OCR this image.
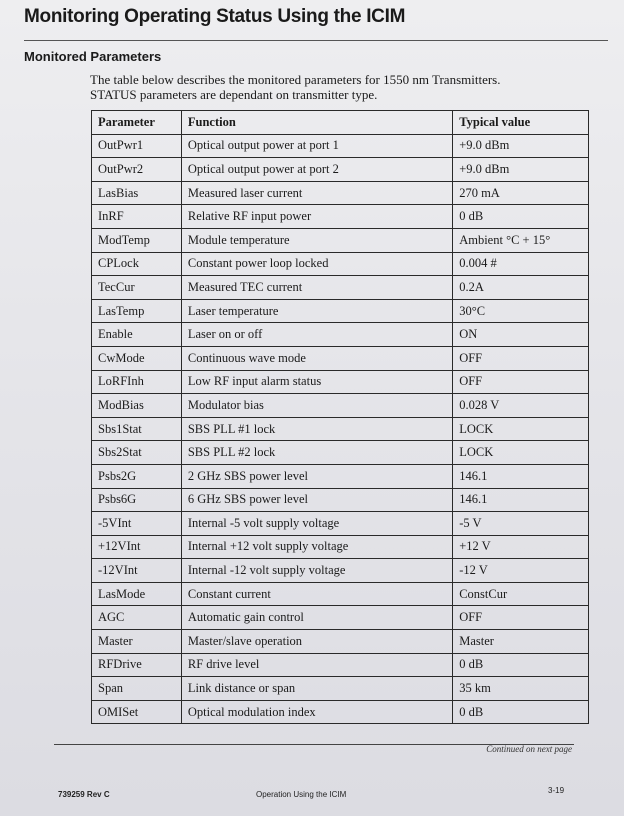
Monitoring Operating Status Using the ICIM
Monitored Parameters
The table below describes the monitored parameters for 1550 nm Transmitters.
STATUS parameters are dependant on transmitter type.
Parameter	Function	Typical value
OutPwr1	Optical output power at port 1	+9.0 dBm
OutPwr2	Optical output power at port 2	+9.0 dBm
LasBias	Measured laser current	270 mA
InRF	Relative RF input power	0 dB
ModTemp	Module temperature	Ambient °C + 15°
CPLock	Constant power loop locked	0.004 #
TecCur	Measured TEC current	0.2A
LasTemp	Laser temperature	30°C
Enable	Laser on or off	ON
CwMode	Continuous wave mode	OFF
LoRFInh	Low RF input alarm status	OFF
ModBias	Modulator bias	0.028 V
Sbs1Stat	SBS PLL #1 lock	LOCK
Sbs2Stat	SBS PLL #2 lock	LOCK
Psbs2G	2 GHz SBS power level	146.1
Psbs6G	6 GHz SBS power level	146.1
-5VInt	Internal -5 volt supply voltage	-5 V
+12VInt	Internal +12 volt supply voltage	+12 V
-12VInt	Internal -12 volt supply voltage	-12 V
LasMode	Constant current	ConstCur
AGC	Automatic gain control	OFF
Master	Master/slave operation	Master
RFDrive	RF drive level	0 dB
Span	Link distance or span	35 km
OMISet	Optical modulation index	0 dB
Continued on next page
739259 Rev C	Operation Using the ICIM	3-19
